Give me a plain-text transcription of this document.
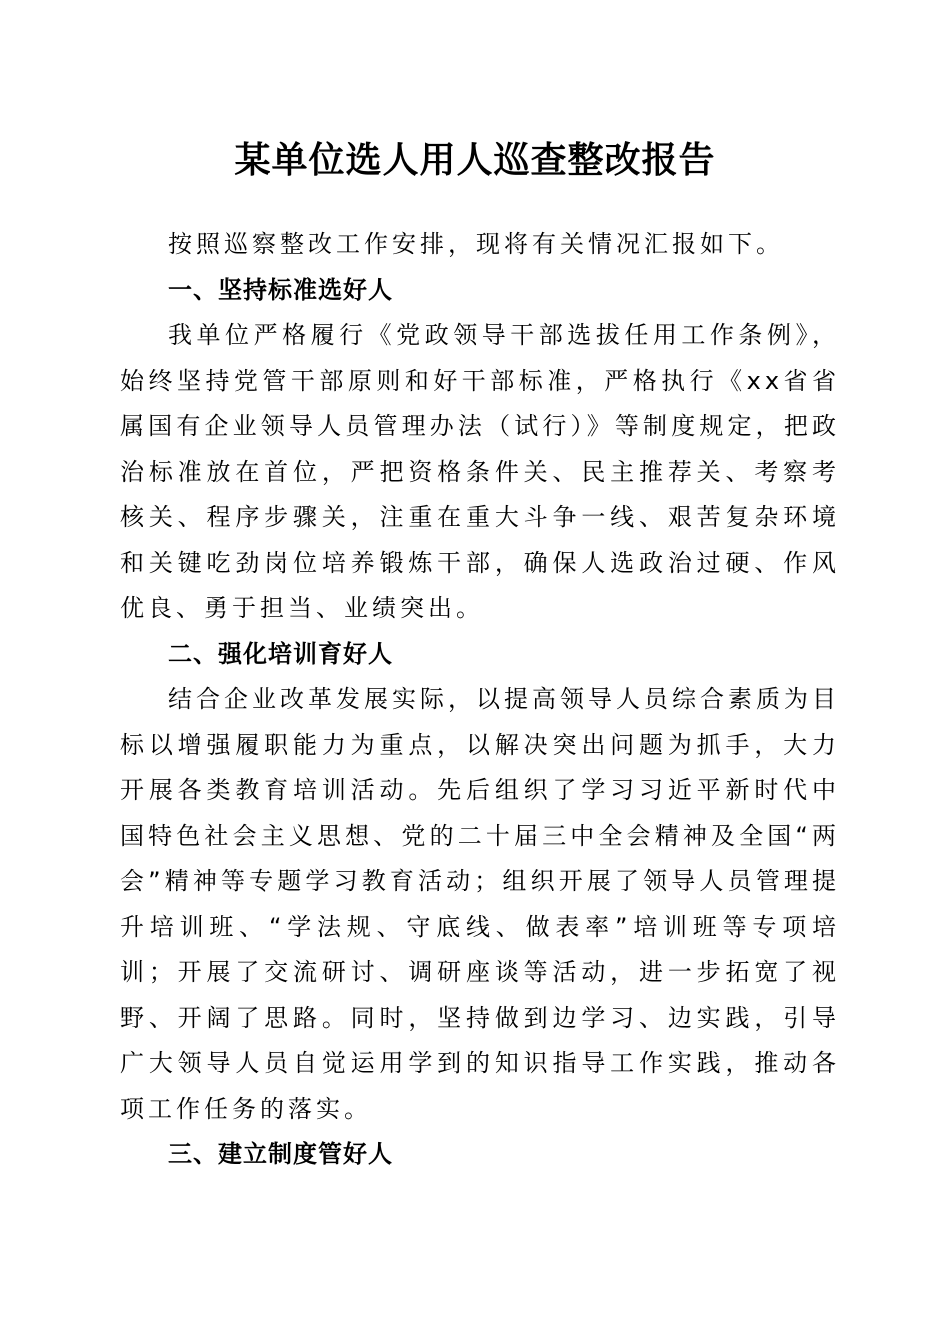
某单位选人用人巡查整改报告

按照巡察整改工作安排，现将有关情况汇报如下。

一、坚持标准选好人

我单位严格履行《党政领导干部选拔任用工作条例》，始终坚持党管干部原则和好干部标准，严格执行《xx省省属国有企业领导人员管理办法（试行）》等制度规定，把政治标准放在首位，严把资格条件关、民主推荐关、考察考核关、程序步骤关，注重在重大斗争一线、艰苦复杂环境和关键吃劲岗位培养锻炼干部，确保人选政治过硬、作风优良、勇于担当、业绩突出。

二、强化培训育好人

结合企业改革发展实际，以提高领导人员综合素质为目标以增强履职能力为重点，以解决突出问题为抓手，大力开展各类教育培训活动。先后组织了学习习近平新时代中国特色社会主义思想、党的二十届三中全会精神及全国“两会”精神等专题学习教育活动；组织开展了领导人员管理提升培训班、“学法规、守底线、做表率”培训班等专项培训；开展了交流研讨、调研座谈等活动，进一步拓宽了视野、开阔了思路。同时，坚持做到边学习、边实践，引导广大领导人员自觉运用学到的知识指导工作实践，推动各项工作任务的落实。

三、建立制度管好人
